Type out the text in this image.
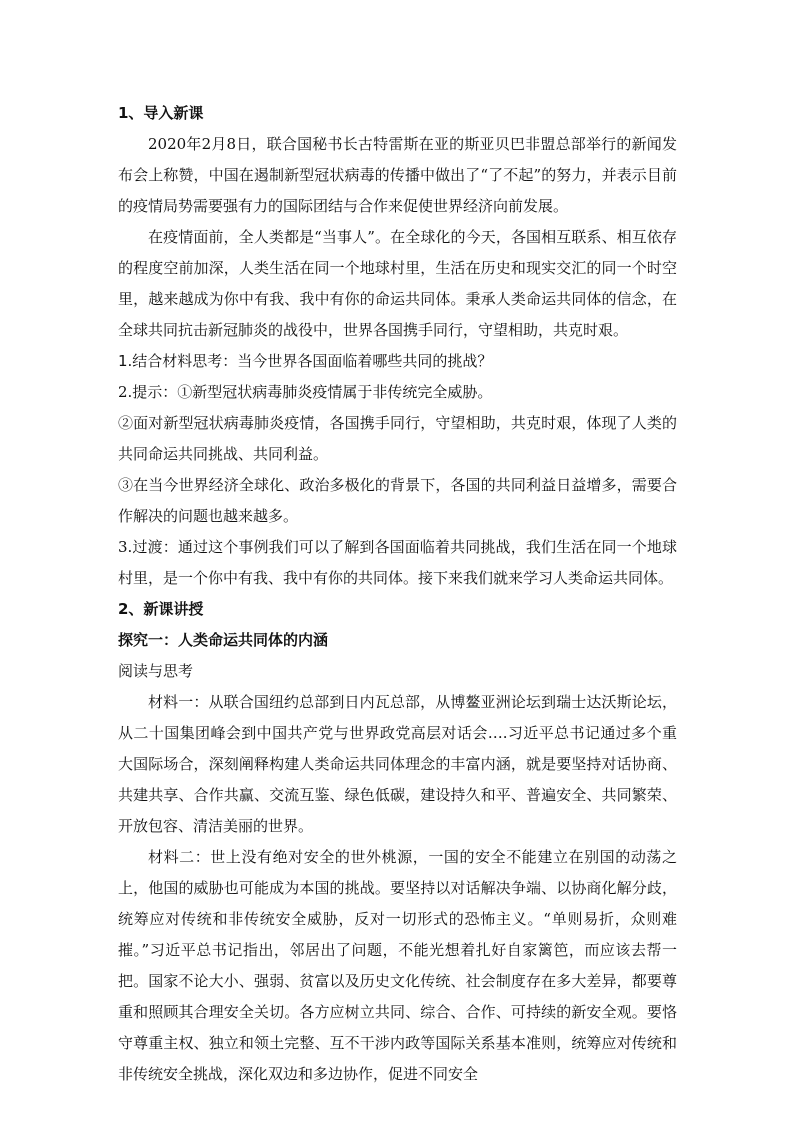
1、导入新课

2020年2月8日，联合国秘书长古特雷斯在亚的斯亚贝巴非盟总部举行的新闻发布会上称赞，中国在遏制新型冠状病毒的传播中做出了“了不起”的努力，并表示目前的疫情局势需要强有力的国际团结与合作来促使世界经济向前发展。

在疫情面前，全人类都是“当事人”。在全球化的今天，各国相互联系、相互依存的程度空前加深，人类生活在同一个地球村里，生活在历史和现实交汇的同一个时空里，越来越成为你中有我、我中有你的命运共同体。秉承人类命运共同体的信念，在全球共同抗击新冠肺炎的战役中，世界各国携手同行，守望相助，共克时艰。

1.结合材料思考：当今世界各国面临着哪些共同的挑战？

2.提示：①新型冠状病毒肺炎疫情属于非传统完全威胁。

②面对新型冠状病毒肺炎疫情，各国携手同行，守望相助，共克时艰，体现了人类的共同命运共同挑战、共同利益。

③在当今世界经济全球化、政治多极化的背景下，各国的共同利益日益增多，需要合作解决的问题也越来越多。

3.过渡：通过这个事例我们可以了解到各国面临着共同挑战，我们生活在同一个地球村里，是一个你中有我、我中有你的共同体。接下来我们就来学习人类命运共同体。

2、新课讲授

探究一：人类命运共同体的内涵

阅读与思考

材料一：从联合国纽约总部到日内瓦总部，从博鳌亚洲论坛到瑞士达沃斯论坛，从二十国集团峰会到中国共产党与世界政党高层对话会….习近平总书记通过多个重大国际场合，深刻阐释构建人类命运共同体理念的丰富内涵，就是要坚持对话协商、共建共享、合作共赢、交流互鉴、绿色低碳，建设持久和平、普遍安全、共同繁荣、开放包容、清洁美丽的世界。

材料二：世上没有绝对安全的世外桃源，一国的安全不能建立在别国的动荡之上，他国的威胁也可能成为本国的挑战。要坚持以对话解决争端、以协商化解分歧，统筹应对传统和非传统安全威胁，反对一切形式的恐怖主义。“单则易折，众则难摧。”习近平总书记指出，邻居出了问题，不能光想着扎好自家篱笆，而应该去帮一把。国家不论大小、强弱、贫富以及历史文化传统、社会制度存在多大差异，都要尊重和照顾其合理安全关切。各方应树立共同、综合、合作、可持续的新安全观。要恪守尊重主权、独立和领土完整、互不干涉内政等国际关系基本准则，统筹应对传统和非传统安全挑战，深化双边和多边协作，促进不同安全
